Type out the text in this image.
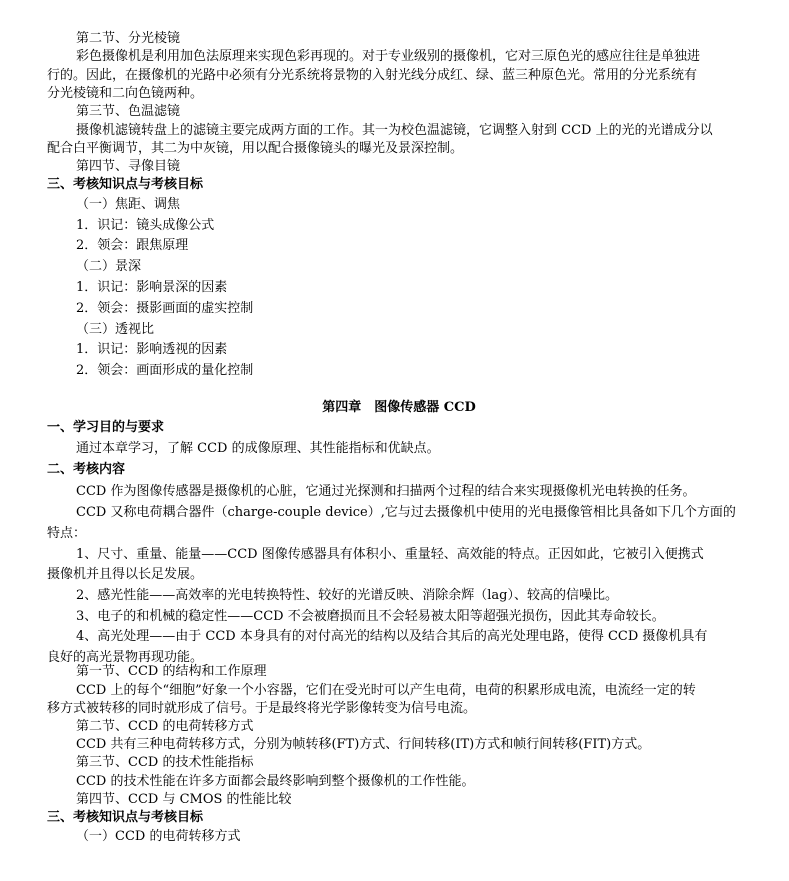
第二节、分光棱镜
彩色摄像机是利用加色法原理来实现色彩再现的。对于专业级别的摄像机，它对三原色光的感应往往是单独进
行的。因此，在摄像机的光路中必须有分光系统将景物的入射光线分成红、绿、蓝三种原色光。常用的分光系统有
分光棱镜和二向色镜两种。
第三节、色温滤镜
摄像机滤镜转盘上的滤镜主要完成两方面的工作。其一为校色温滤镜，它调整入射到 CCD 上的光的光谱成分以
配合白平衡调节，其二为中灰镜，用以配合摄像镜头的曝光及景深控制。
第四节、寻像目镜
三、考核知识点与考核目标
（一）焦距、调焦
1．识记：镜头成像公式
2．领会：跟焦原理
（二）景深
1．识记：影响景深的因素
2．领会：摄影画面的虚实控制
（三）透视比
1．识记：影响透视的因素
2．领会：画面形成的量化控制
第四章　图像传感器 CCD
一、学习目的与要求
通过本章学习，了解 CCD 的成像原理、其性能指标和优缺点。
二、考核内容
CCD 作为图像传感器是摄像机的心脏，它通过光探测和扫描两个过程的结合来实现摄像机光电转换的任务。
CCD 又称电荷耦合器件（charge-couple device）,它与过去摄像机中使用的光电摄像管相比具备如下几个方面的
特点：
1、尺寸、重量、能量——CCD 图像传感器具有体积小、重量轻、高效能的特点。正因如此，它被引入便携式
摄像机并且得以长足发展。
2、感光性能——高效率的光电转换特性、较好的光谱反映、消除余辉（lag）、较高的信噪比。
3、电子的和机械的稳定性——CCD 不会被磨损而且不会轻易被太阳等超强光损伤，因此其寿命较长。
4、高光处理——由于 CCD 本身具有的对付高光的结构以及结合其后的高光处理电路，使得 CCD 摄像机具有
良好的高光景物再现功能。
第一节、CCD 的结构和工作原理
CCD 上的每个“细胞”好象一个小容器，它们在受光时可以产生电荷，电荷的积累形成电流，电流经一定的转
移方式被转移的同时就形成了信号。于是最终将光学影像转变为信号电流。
第二节、CCD 的电荷转移方式
CCD 共有三种电荷转移方式，分别为帧转移(FT)方式、行间转移(IT)方式和帧行间转移(FIT)方式。
第三节、CCD 的技术性能指标
CCD 的技术性能在许多方面都会最终影响到整个摄像机的工作性能。
第四节、CCD 与 CMOS 的性能比较
三、考核知识点与考核目标
（一）CCD 的电荷转移方式
